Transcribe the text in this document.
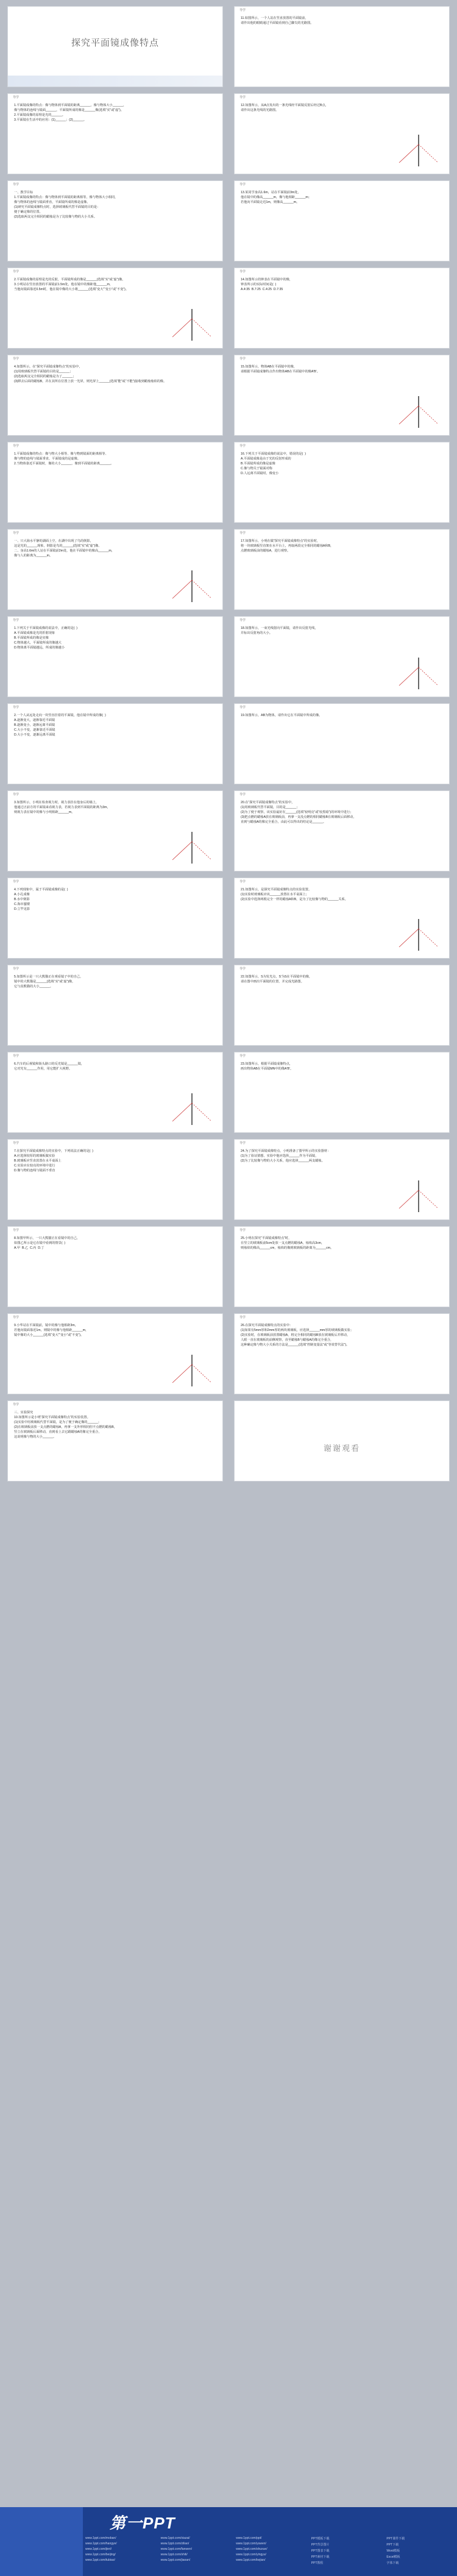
探究平面镜成像特点
导学

1.平面镜成像的特点：像与物体到平面镜的距离______，像与物体大小______，

像与物体的连线与镜面______，平面镜所成的像是______像(选填“实”或“虚”)。

2.平面镜成像的原理是光的______。

3.平面镜在生活中的应用：(1)______；(2)______。

导学

一、教学目标

1.平面镜成像的特点：像与物体到平面镜的距离相等，像与物体大小相同，

像与物体的连线与镜面垂直，平面镜所成的像是虚像。

(1)研究平面镜成像特点时，选择玻璃板代替平面镜的目的是：

便于确定像的位置。

(2)选取两支完全相同的蜡烛是为了比较像与物的大小关系。

导学

2.平面镜成像的原理是光的反射，平面镜所成的像是______(选填“实”或“虚”)像。

3.小明站在竖直放置的平面镜前1.5m处，他在镜中的像距他______m，

当他向镜面靠近0.5m时，他在镜中像的大小将______(选填“变大”“变小”或“不变”)。

导学

4.如图所示，在“探究平面镜成像特点”的实验中，

(1)用玻璃板代替平面镜的目的是______；

(2)选取两支完全相同的蜡烛是为了______；

(3)移去后面的蜡烛B，并在其所在位置上放一光屏，则光屏上______(选填“能”或“不能”)接收到蜡烛烛焰的像。

导学

1.平面镜成像的特点：像与物大小相等、像与物到镜面的距离相等、

像与物的连线与镜面垂直，平面镜成的是虚像。

2.当物体靠近平面镜时，像的大小______，像到平面镜的距离______。

导学

一、只大海水平静的湖面上空，在湖中出现了鸟的倒影，

这是光的______现象，倒影是鸟的______(选填“实”或“虚”)像。

二、身高1.6m的人站在平面镜前2m处，他在平面镜中的像高______m，

像与人的距离为______m。

导学

1.下列关于平面镜成像的说法中，正确的是(  )

A.平面镜成像是光的折射现象

B.平面镜所成的像是实像

C.物体越大，平面镜所成的像越大

D.物体离平面镜越远，所成的像越小

导学

2.一个人从远处走向一块竖直挂着的平面镜，他在镜中所成的像(  )

A.逐渐变大，逐渐靠近平面镜

B.逐渐变小，逐渐远离平面镜

C.大小不变，逐渐靠近平面镜

D.大小不变，逐渐远离平面镜

导学

3.如图所示，小明在检查视力时，视力表挂在他身后的墙上，

他通过正前方的平面镜来看视力表，若视力表到平面镜的距离为3m，

则视力表在镜中的像与小明相距______m。

导学

4.下列现象中，属于平面镜成像的是(  )

A.小孔成像

B.水中倒影

C.海市蜃楼

D.立竿见影

导学

5.如图所示是一只大熊猫正在观看镜子中的自己，

镜中的大熊猫是______(选填“实”或“虚”)像，

它与真熊猫的大小______。

导学

6.汽车的后视镜和街头路口的反光镜是______镜，

它对光有______作用，用它能扩大视野。

导学

7.在探究平面镜成像特点的实验中，下列说法正确的是(  )

A.应选择较厚的玻璃板做实验

B.玻璃板应竖直放置在水平桌面上

C.实验应在较亮的环境中进行

D.像与物的连线与镜面不垂直

导学

8.如图甲所示，一只大熊猫正在看镜中的自己，

如图乙所示是它在镜中看到的情景(  )

A.甲  B.乙  C.丙  D.丁

导学

9.小华站在平面镜前，镜中的像与他相距3m，

若他向镜面靠近1m，则镜中的像与他相距______m，

镜中像的大小______(选填“变大”“变小”或“不变”)。

导学

三、实验探究

10.如图所示是小明“探究平面镜成像特点”的实验装置。

(1)实验中用玻璃板代替平面镜，是为了便于确定像的______；

(2)在玻璃板前放一支点燃的蜡烛A，再拿一支外形相同但不点燃的蜡烛B，

竖立在玻璃板后面移动，直到看上去它跟蜡烛A的像完全重合，

这说明像与物的大小______。

导学

11.如图所示，一个人站在竖直放置的平面镜前，

请作出他的眼睛通过平面镜看到自己脚尖的光路图。

导学

12.如图所示，从A点发出的一条光线经平面镜反射后经过B点，

请作出这条光线的光路图。

导学

13.某同学身高1.6m，站在平面镜前3m处，

他在镜中的像高______m，像与他相距______m；

若他向平面镜走近1m，则像高______m。

导学

14.如图所示的钟表在平面镜中的像，

钟表所示的实际时间是(  )

A.4:35  B.7:25  C.4:25  D.7:35

导学

15.如图所示，物体AB在平面镜中的像，

请根据平面镜成像特点作出物体AB在平面镜中的像A'B'。

导学

16.下列关于平面镜成像的说法中，错误的是(  )

A.平面镜成像是由于光的反射形成的

B.平面镜所成的像是虚像

C.像与物关于镜面对称

D.人远离平面镜时，像变小

导学

17.如图所示，小明在做“探究平面镜成像特点”的实验时，

将一块玻璃板竖直架在水平台上，再取两段完全相同的蜡烛A和B，

点燃玻璃板前的蜡烛A，进行观察。

导学

18.如图所示，一束光线射向平面镜，请作出反射光线，

并标出反射角的大小。

导学

19.如图所示，AB为物体，请作出它在平面镜中所成的像。

导学

20.在“探究平面镜成像特点”的实验中，

(1)用玻璃板代替平面镜，目的是______；

(2)为了便于观察，该实验最好在______(选填“较明亮”或“较黑暗”)的环境中进行；

(3)把点燃的蜡烛A放在玻璃板前，再拿一支没点燃的相同蜡烛B在玻璃板后面移动，

直到与蜡烛A的像完全重合，由此可以得出的结论是______。

导学

21.如图所示，是探究平面镜成像特点的实验装置。

(1)实验时玻璃板应该______放置在水平桌面上；

(2)实验中选择两根完全一样的蜡烛A和B，是为了比较像与物的______关系。

导学

22.如图所示，S为发光点，S'为S在平面镜中的像，

请在图中画出平面镜的位置，并完成光路图。

导学

23.如图所示，根据平面镜成像特点，

画出物体AB在平面镜MN中的像A'B'。

导学

24.为了探究平面镜成像特点，小明准备了图甲所示的实验器材：

(1)为了验证猜想，实验中他应选择______作为平面镜，

(2)为了比较像与物的大小关系，他应选择______两支蜡烛。

导学

25.小明在探究“平面镜成像特点”时，

在竖立的玻璃板前5cm处放一支点燃的蜡烛A，烛焰高3cm，

则烛焰的像高______cm，烛焰的像到玻璃板的距离为______cm。

导学

26.在探究平面镜成像特点的实验中：

(1)如果有5mm厚和2mm厚的两块玻璃板，应选择______mm厚的玻璃板做实验；

(2)实验时，在玻璃板前放置蜡烛A，将完全相同的蜡烛B放在玻璃板后并移动，

人眼一直在玻璃板的前侧观察，直至蜡烛B与蜡烛A的像完全重合，

这种确定像与物大小关系的方法是______(选填“控制变量法”或“等效替代法”)。

谢谢观看
第一PPT
www.1ppt.com/moban/
www.1ppt.com/hangye/
www.1ppt.com/jieri/
www.1ppt.com/beijing/
www.1ppt.com/tubiao/
www.1ppt.com/xiazai/
www.1ppt.com/ziliao/
www.1ppt.com/fanwen/
www.1ppt.com/shiti/
www.1ppt.com/jiaoan/
www.1ppt.com/ppt/
www.1ppt.com/yuwen/
www.1ppt.com/shuxue/
www.1ppt.com/yingyu/
www.1ppt.com/kejian/
PPT模板下载
PPT背景图片
PPT图表下载
PPT素材下载
PPT教程
PPT课件下载
PPT下载
Word模板
Excel模板
字体下载
